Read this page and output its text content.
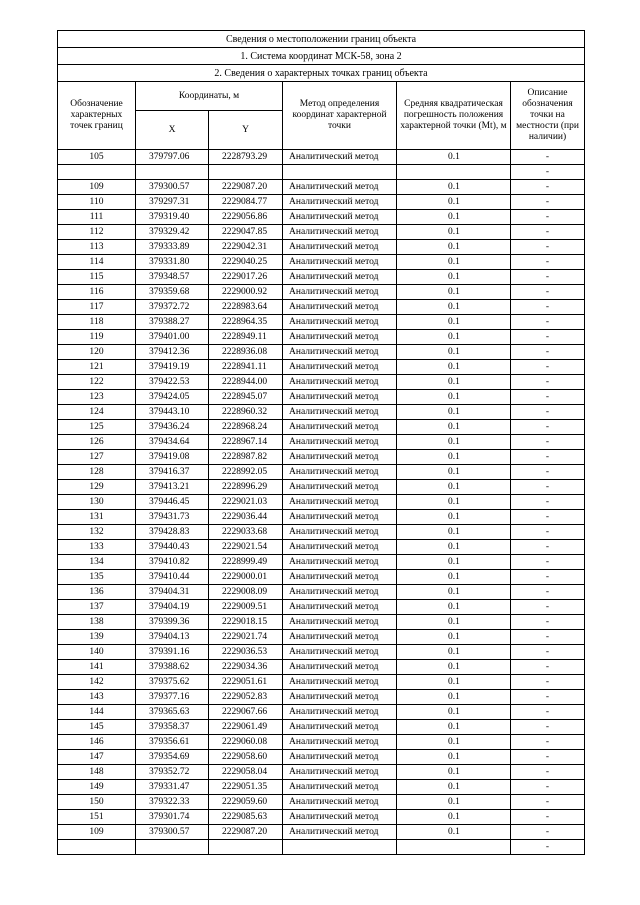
Сведения о местоположении границ объекта					
1. Система координат МСК-58, зона 2					
2. Сведения о характерных точках границ объекта					
Обозначение характерных точек границ	Координаты, м		Метод определения координат характерной точки	Средняя квадратическая погрешность положения характерной точки (Mt), м	Описание обозначения точки на местности (при наличии)
	X	Y			
105	379797.06	2228793.29	Аналитический метод	0.1	-
					-
109	379300.57	2229087.20	Аналитический метод	0.1	-
110	379297.31	2229084.77	Аналитический метод	0.1	-
111	379319.40	2229056.86	Аналитический метод	0.1	-
112	379329.42	2229047.85	Аналитический метод	0.1	-
113	379333.89	2229042.31	Аналитический метод	0.1	-
114	379331.80	2229040.25	Аналитический метод	0.1	-
115	379348.57	2229017.26	Аналитический метод	0.1	-
116	379359.68	2229000.92	Аналитический метод	0.1	-
117	379372.72	2228983.64	Аналитический метод	0.1	-
118	379388.27	2228964.35	Аналитический метод	0.1	-
119	379401.00	2228949.11	Аналитический метод	0.1	-
120	379412.36	2228936.08	Аналитический метод	0.1	-
121	379419.19	2228941.11	Аналитический метод	0.1	-
122	379422.53	2228944.00	Аналитический метод	0.1	-
123	379424.05	2228945.07	Аналитический метод	0.1	-
124	379443.10	2228960.32	Аналитический метод	0.1	-
125	379436.24	2228968.24	Аналитический метод	0.1	-
126	379434.64	2228967.14	Аналитический метод	0.1	-
127	379419.08	2228987.82	Аналитический метод	0.1	-
128	379416.37	2228992.05	Аналитический метод	0.1	-
129	379413.21	2228996.29	Аналитический метод	0.1	-
130	379446.45	2229021.03	Аналитический метод	0.1	-
131	379431.73	2229036.44	Аналитический метод	0.1	-
132	379428.83	2229033.68	Аналитический метод	0.1	-
133	379440.43	2229021.54	Аналитический метод	0.1	-
134	379410.82	2228999.49	Аналитический метод	0.1	-
135	379410.44	2229000.01	Аналитический метод	0.1	-
136	379404.31	2229008.09	Аналитический метод	0.1	-
137	379404.19	2229009.51	Аналитический метод	0.1	-
138	379399.36	2229018.15	Аналитический метод	0.1	-
139	379404.13	2229021.74	Аналитический метод	0.1	-
140	379391.16	2229036.53	Аналитический метод	0.1	-
141	379388.62	2229034.36	Аналитический метод	0.1	-
142	379375.62	2229051.61	Аналитический метод	0.1	-
143	379377.16	2229052.83	Аналитический метод	0.1	-
144	379365.63	2229067.66	Аналитический метод	0.1	-
145	379358.37	2229061.49	Аналитический метод	0.1	-
146	379356.61	2229060.08	Аналитический метод	0.1	-
147	379354.69	2229058.60	Аналитический метод	0.1	-
148	379352.72	2229058.04	Аналитический метод	0.1	-
149	379331.47	2229051.35	Аналитический метод	0.1	-
150	379322.33	2229059.60	Аналитический метод	0.1	-
151	379301.74	2229085.63	Аналитический метод	0.1	-
109	379300.57	2229087.20	Аналитический метод	0.1	-
					-
